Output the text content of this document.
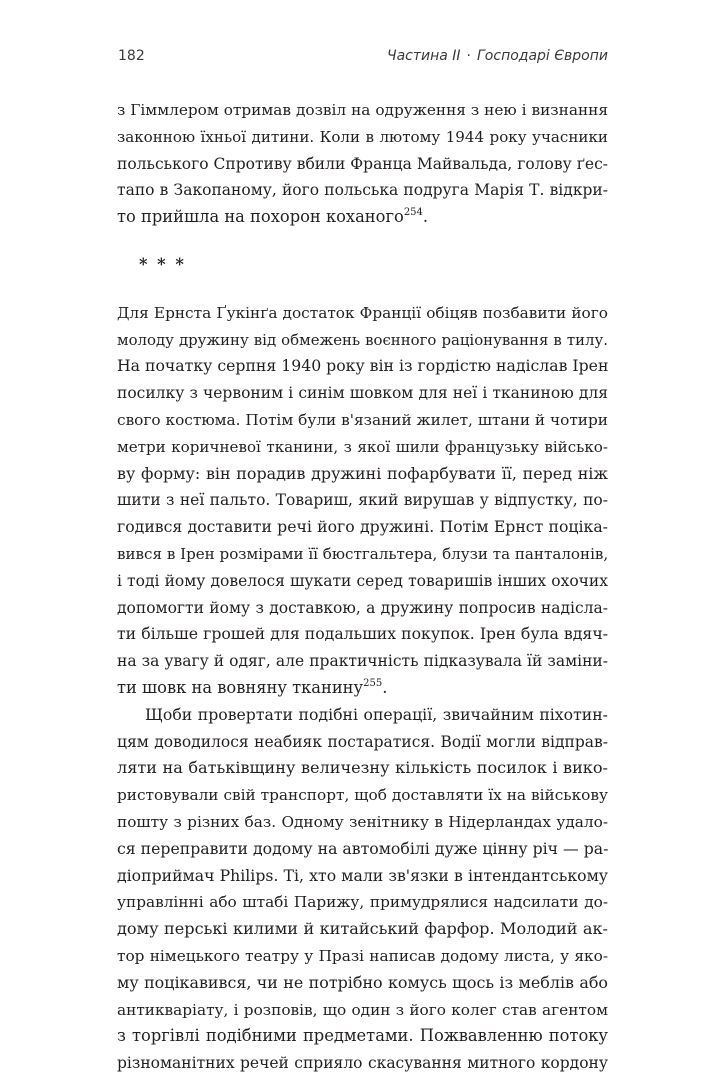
182	Частина II · Господарі Європи
з Гіммлером отримав дозвіл на одруження з нею і визнання
законною їхньої дитини. Коли в лютому 1944 року учасники
польського Спротиву вбили Франца Майвальда, голову ґес-
тапо в Закопаному, його польська подруга Марія Т. відкри-
то прийшла на похорон коханого$^{254}$.
* * *
Для Ернста Ґукінґа достаток Франції обіцяв позбавити його
молоду дружину від обмежень воєнного раціонування в тилу.
На початку серпня 1940 року він із гордістю надіслав Ірен
посилку з червоним і синім шовком для неї і тканиною для
свого костюма. Потім були в'язаний жилет, штани й чотири
метри коричневої тканини, з якої шили французьку військо-
ву форму: він порадив дружині пофарбувати її, перед ніж
шити з неї пальто. Товариш, який вирушав у відпустку, по-
годився доставити речі його дружині. Потім Ернст поціка-
вився в Ірен розмірами її бюстгальтера, блузи та панталонів,
і тоді йому довелося шукати серед товаришів інших охочих
допомогти йому з доставкою, а дружину попросив надісла-
ти більше грошей для подальших покупок. Ірен була вдяч-
на за увагу й одяг, але практичність підказувала їй заміни-
ти шовк на вовняну тканину$^{255}$.
Щоби провертати подібні операції, звичайним піхотин-
цям доводилося неабияк постаратися. Водії могли відправ-
ляти на батьківщину величезну кількість посилок і вико-
ристовували свій транспорт, щоб доставляти їх на військову
пошту з різних баз. Одному зенітнику в Нідерландах удало-
ся переправити додому на автомобілі дуже цінну річ — ра-
діоприймач Philips. Ті, хто мали зв'язки в інтендантському
управлінні або штабі Парижу, примудрялися надсилати до-
дому перські килими й китайський фарфор. Молодий ак-
тор німецького театру у Празі написав додому листа, у яко-
му поцікавився, чи не потрібно комусь щось із меблів або
антикваріату, і розповів, що один з його колег став агентом
з торгівлі подібними предметами. Пожвавленню потоку
різноманітних речей сприяло скасування митного кордону
